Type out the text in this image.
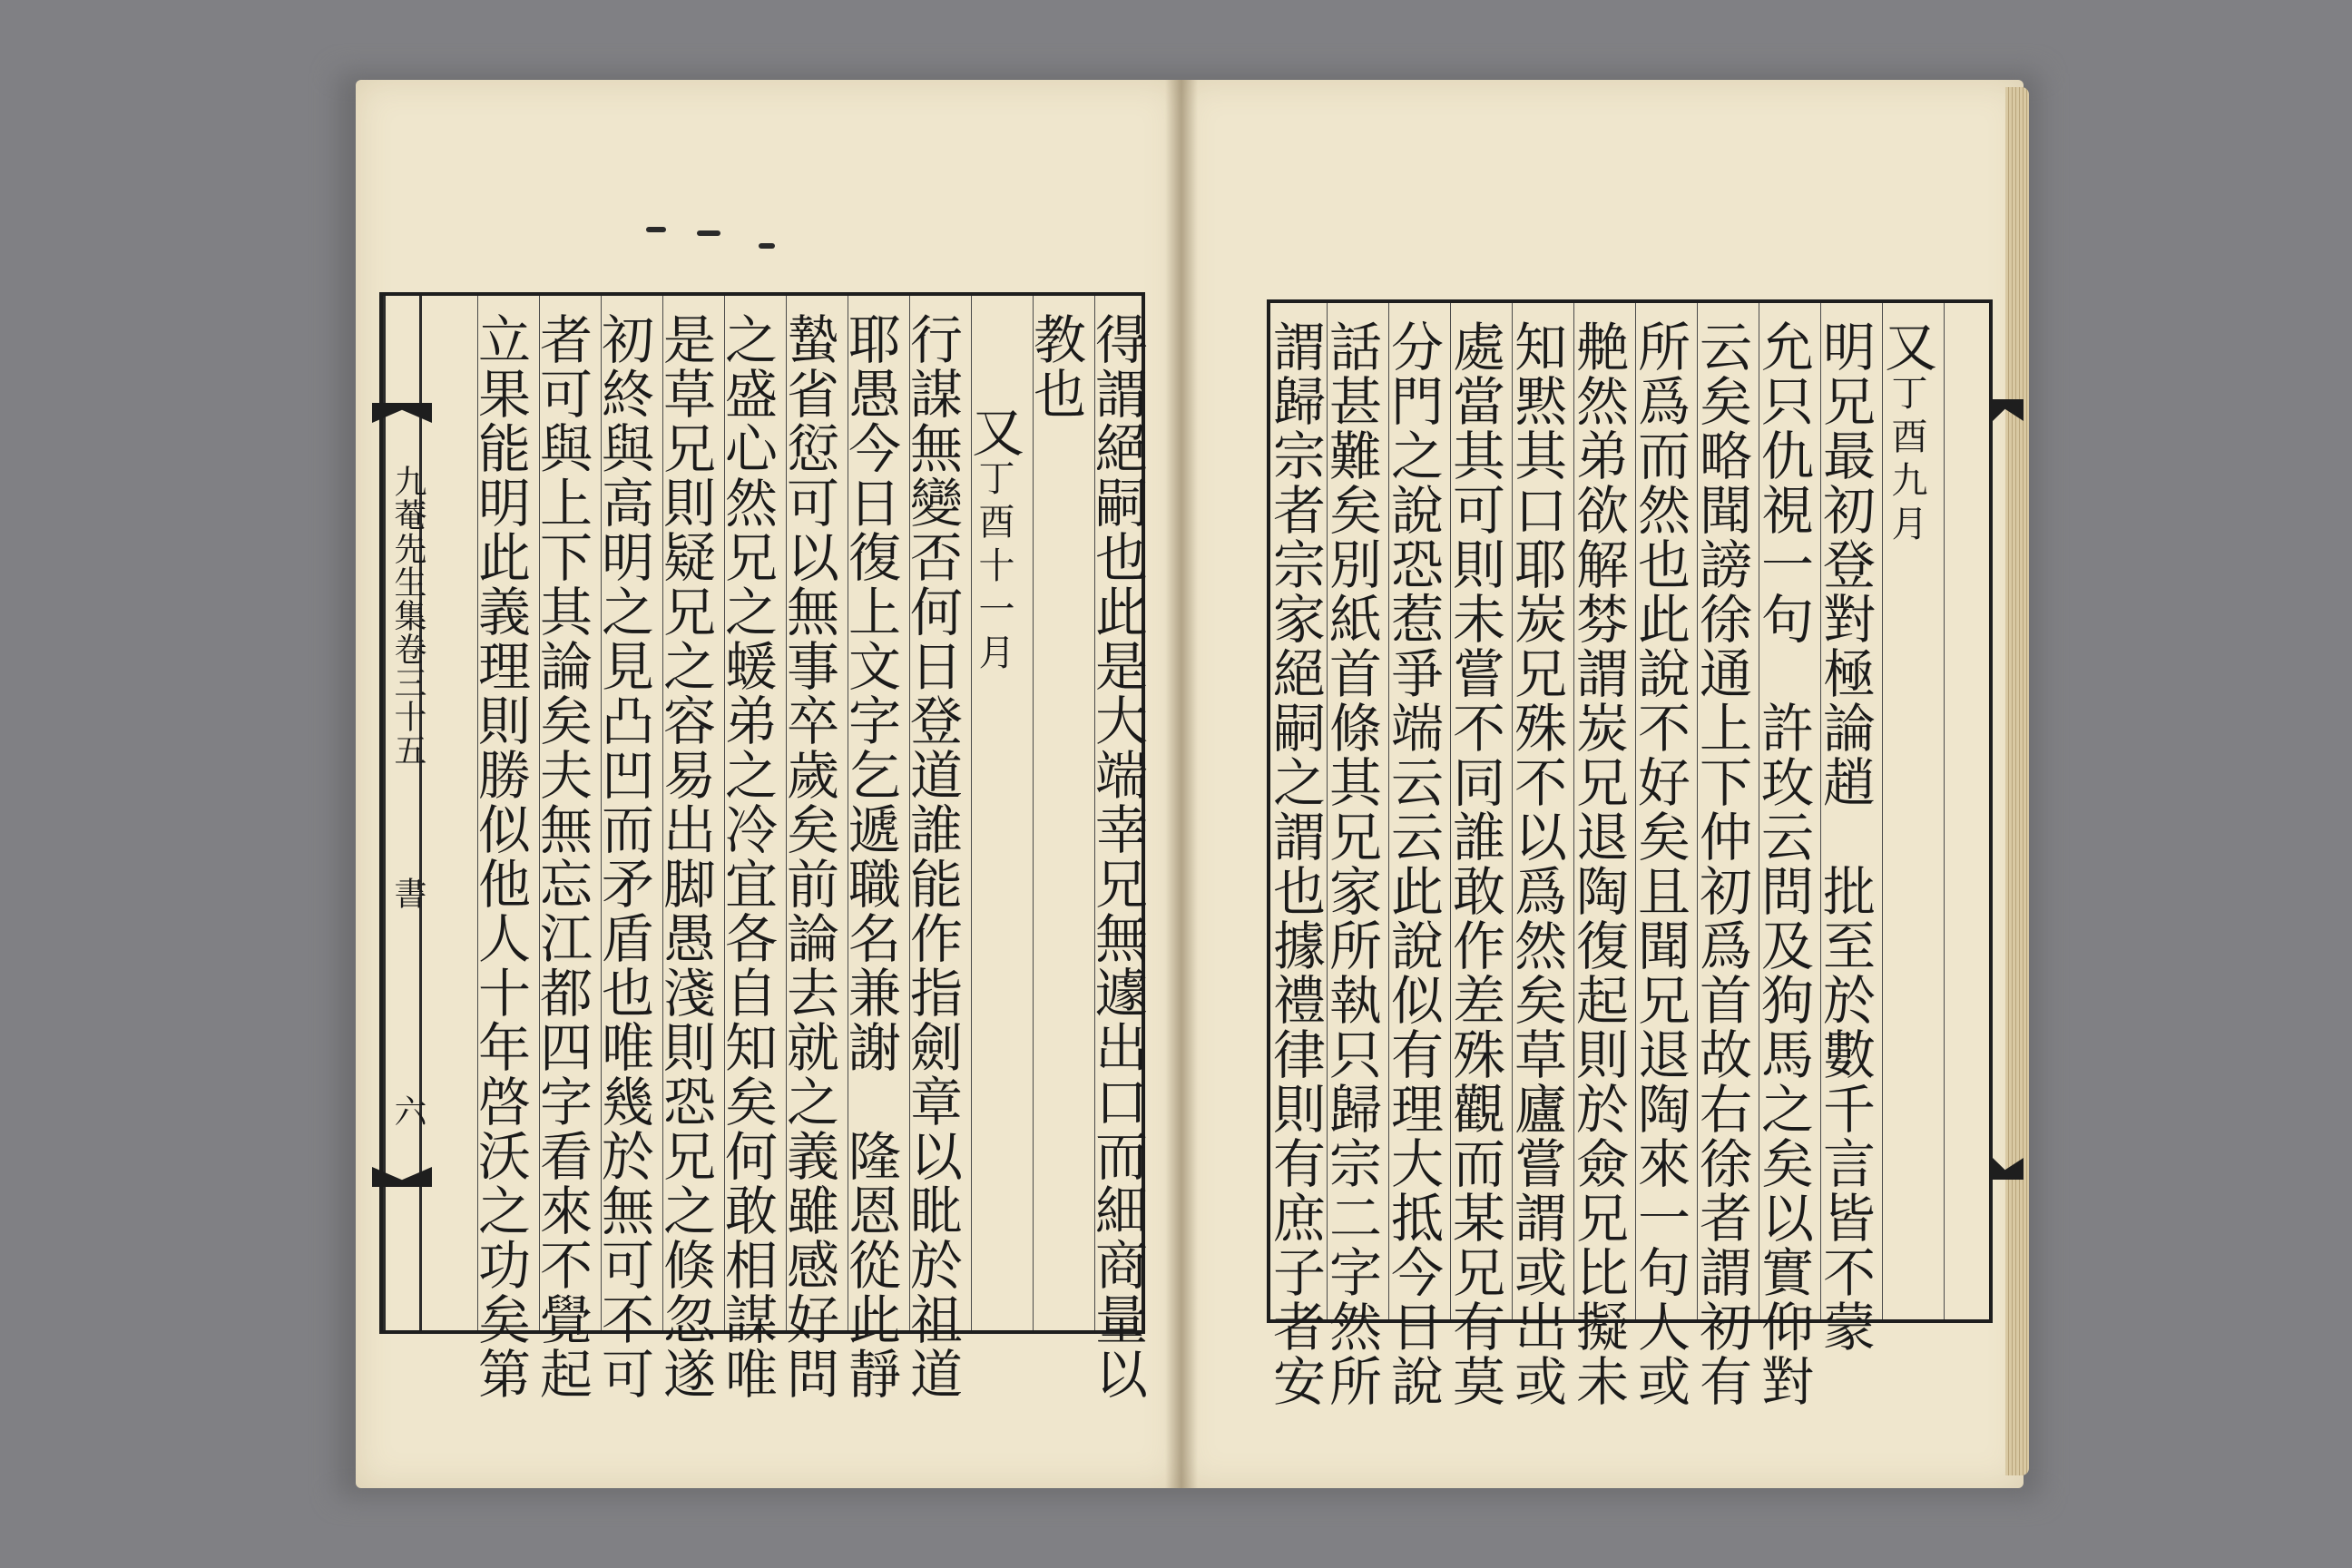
又丁酉九月
明兄最初登對極論趙　批至於數千言皆不蒙
允只仇視一句　許玫云問及狗馬之矣以實仰對
云矣略聞謗徐通上下仲初爲首故右徐者謂初有
所爲而然也此說不好矣且聞兄退陶來一句人或
艴然弟欲解棼謂炭兄退陶復起則於僉兄比擬未
知黙其口耶炭兄殊不以爲然矣草廬嘗謂或出或
處當其可則未嘗不同誰敢作差殊觀而某兄有莫
分門之說恐惹爭端云云此說似有理大抵今日說
話甚難矣別紙首條其兄家所執只歸宗二字然所
謂歸宗者宗家絕嗣之謂也據禮律則有庶子者安
得謂絕嗣也此是大端幸兄無遽出口而細商量以
教也
又丁酉十一月
行謀無變否何日登道誰能作指劍章以䀝於祖道
耶愚今日復上文字乞遞職名兼謝　隆恩從此靜
蟄省愆可以無事卒歲矣前論去就之義雖感好問
之盛心然兄之蝯弟之冷宜各自知矣何敢相謀唯
是草兄則疑兄之容易出脚愚淺則恐兄之倏忽遂
初終與高明之見凸凹而矛盾也唯幾於無可不可
者可與上下其論矣夫無忘江都四字看來不覺起
立果能明此義理則勝似他人十年啓沃之功矣第
九菴先生集卷三十五
書
六
